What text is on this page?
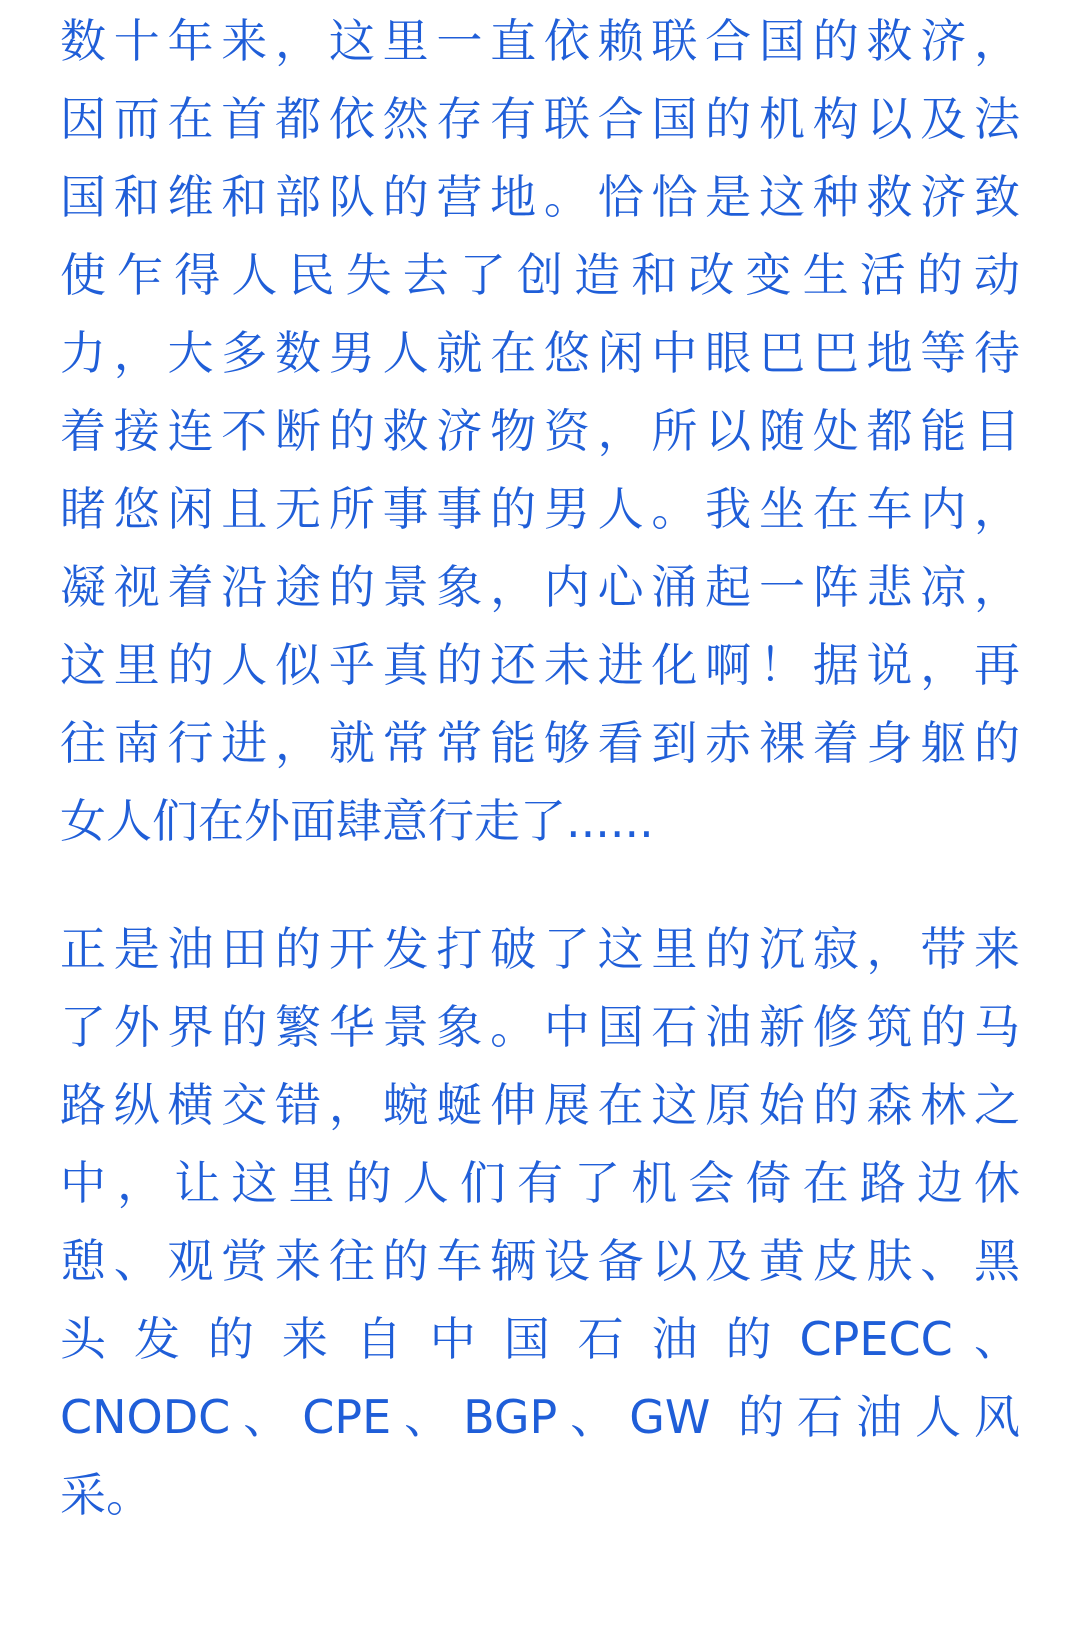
数十年来，这里一直依赖联合国的救济，
因而在首都依然存有联合国的机构以及法
国和维和部队的营地。恰恰是这种救济致
使乍得人民失去了创造和改变生活的动
力，大多数男人就在悠闲中眼巴巴地等待
着接连不断的救济物资，所以随处都能目
睹悠闲且无所事事的男人。我坐在车内，
凝视着沿途的景象，内心涌起一阵悲凉，
这里的人似乎真的还未进化啊！据说，再
往南行进，就常常能够看到赤裸着身躯的
女人们在外面肆意行走了......
正是油田的开发打破了这里的沉寂，带来
了外界的繁华景象。中国石油新修筑的马
路纵横交错，蜿蜒伸展在这原始的森林之
中，让这里的人们有了机会倚在路边休
憩、观赏来往的车辆设备以及黄皮肤、黑
头 发 的 来 自 中 国 石 油 的 CPECC 、
CNODC、CPE、BGP、GW 的石油人风
采。
